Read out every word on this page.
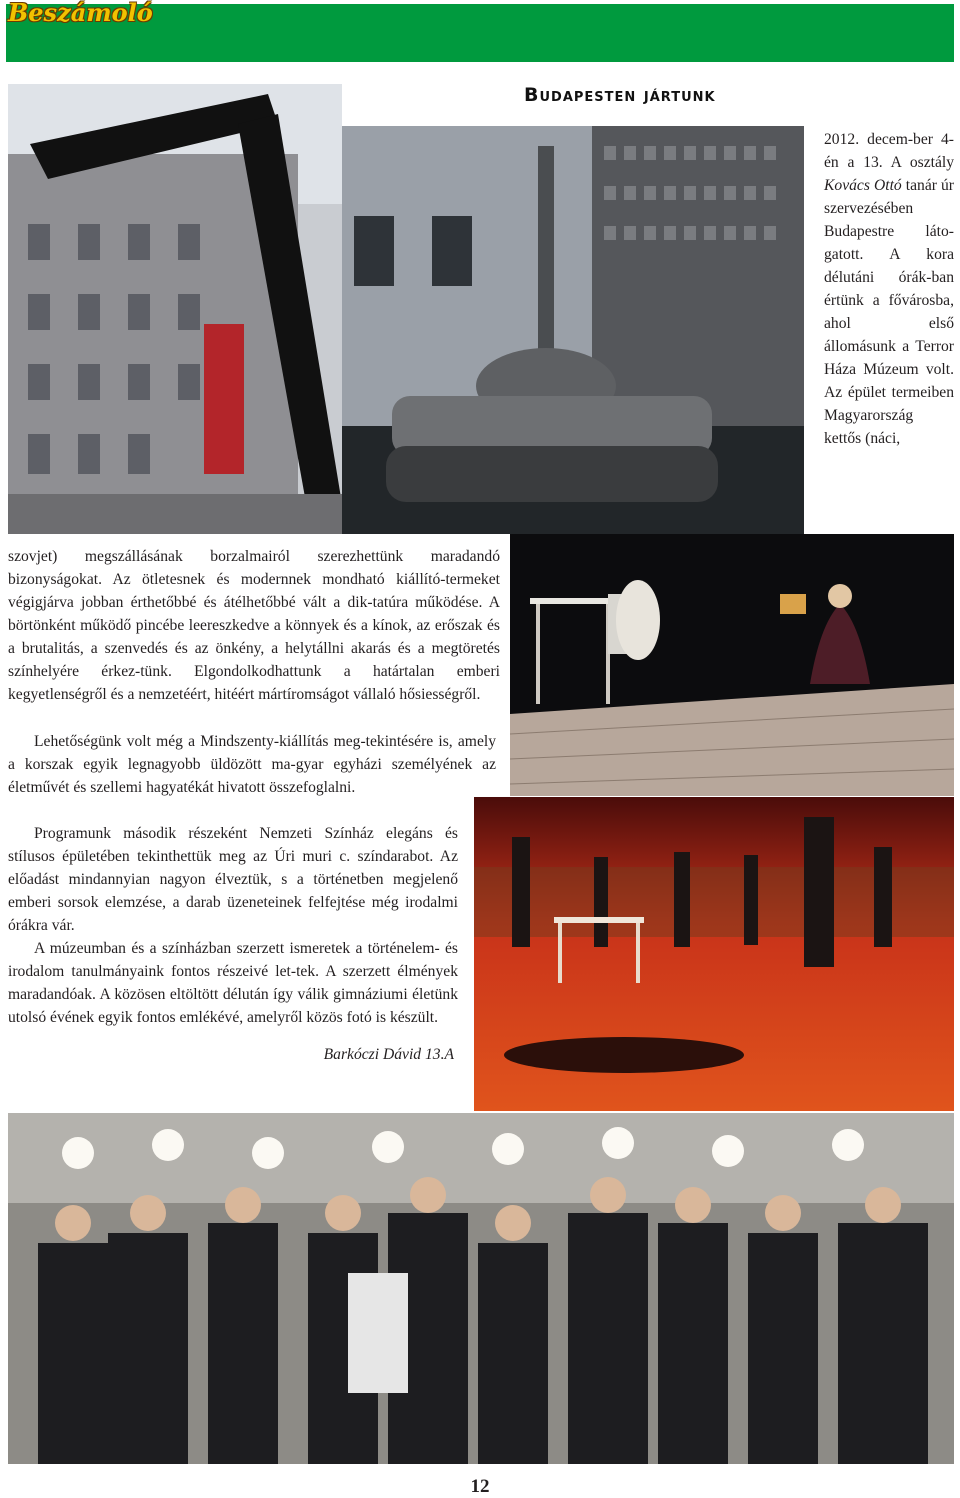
Beszámoló
Budapesten jártunk
2012. decem-ber 4-én a 13. A osztály Kovács Ottó tanár úr szervezésében Budapestre láto-gatott. A kora délutáni órák-ban értünk a fővárosba, ahol első állomásunk a Terror Háza Múzeum volt. Az épület termeiben Magyarország kettős (náci,

szovjet) megszállásának borzalmairól szerezhettünk maradandó bizonyságokat. Az ötletesnek és modernnek mondható kiállító-termeket végigjárva jobban érthetőbbé és átélhetőbbé vált a dik-tatúra működése. A börtönként működő pincébe leereszkedve a könnyek és a kínok, az erőszak és a brutalitás, a szenvedés és az önkény, a helytállni akarás és a megtöretés színhelyére érkez-tünk. Elgondolkodhattunk a határtalan emberi kegyetlenségről és a nemzetéért, hitéért mártíromságot vállaló hősiességről.

Lehetőségünk volt még a Mindszenty-kiállítás meg-tekintésére is, amely a korszak egyik legnagyobb üldözött ma-gyar egyházi személyének az életművét és szellemi hagyatékát hivatott összefoglalni.

Programunk második részeként Nemzeti Színház elegáns és stílusos épületében tekinthettük meg az Úri muri c. színdarabot. Az előadást mindannyian nagyon élveztük, s a történetben megjelenő emberi sorsok elemzése, a darab üzeneteinek felfejtése még irodalmi órákra vár.

A múzeumban és a színházban szerzett ismeretek a történelem- és irodalom tanulmányaink fontos részeivé let-tek. A szerzett élmények maradandóak. A közösen eltöltött délután így válik gimnáziumi életünk utolsó évének egyik fontos emlékévé, amelyről közös fotó is készült.

Barkóczi Dávid 13.A
12
